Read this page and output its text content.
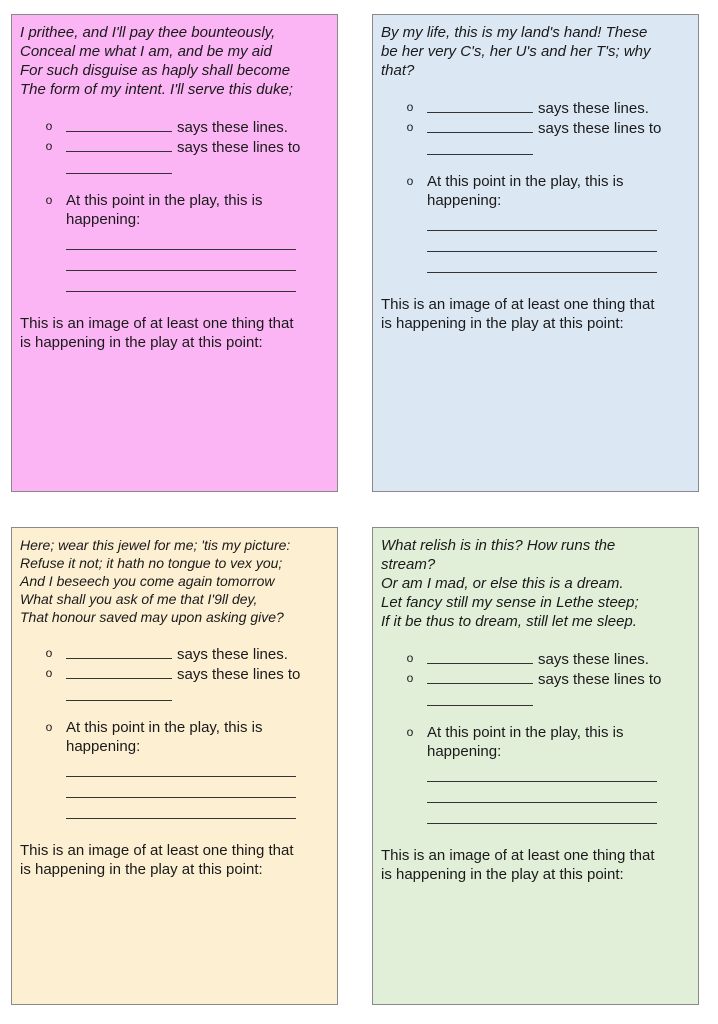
I prithee, and I'll pay thee bounteously,
Conceal me what I am, and be my aid
For such disguise as haply shall become
The form of my intent. I'll serve this duke;

o	says these lines.
o	says these lines to
o At this point in the play, this is
happening:

This is an image of at least one thing that
is happening in the play at this point:

By my life, this is my land's hand! These
be her very C's, her U's and her T's; why
that?

o	says these lines.
o	says these lines to
o At this point in the play, this is
happening:

This is an image of at least one thing that
is happening in the play at this point:

Here; wear this jewel for me; 'tis my picture:
Refuse it not; it hath no tongue to vex you;
And I beseech you come again tomorrow
What shall you ask of me that I'9ll dey,
That honour saved may upon asking give?

o	says these lines.
o	says these lines to
o At this point in the play, this is
happening:

This is an image of at least one thing that
is happening in the play at this point:

What relish is in this? How runs the
stream?
Or am I mad, or else this is a dream.
Let fancy still my sense in Lethe steep;
If it be thus to dream, still let me sleep.

o	says these lines.
o	says these lines to
o At this point in the play, this is
happening:

This is an image of at least one thing that
is happening in the play at this point:
